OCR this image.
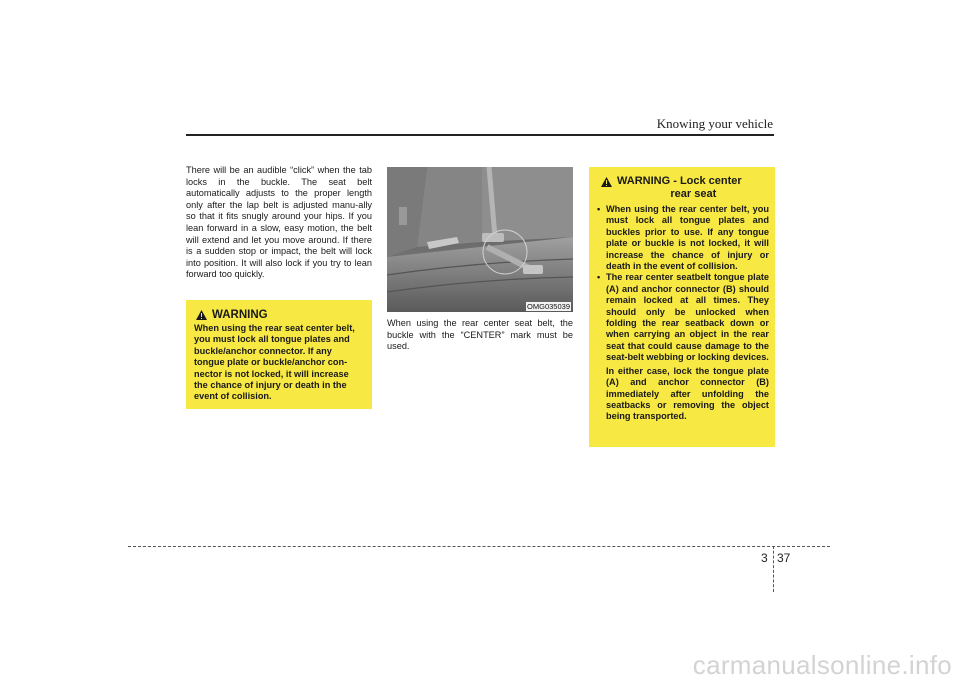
Knowing your vehicle

There will be an audible “click” when the tab locks in the buckle. The seat belt automatically adjusts to the proper length only after the lap belt is adjusted manu-ally so that it fits snugly around your hips. If you lean forward in a slow, easy motion, the belt will extend and let you move around. If there is a sudden stop or impact, the belt will lock into position. It will also lock if you try to lean forward too quickly.

WARNING

When using the rear seat center belt, you must lock all tongue plates and buckle/anchor connector. If any tongue plate or buckle/anchor con-nector is not locked, it will increase the chance of injury or death in the event of collision.

OMG035039

When using the rear center seat belt, the buckle with the “CENTER” mark must be used.

WARNING - Lock center
rear seat
• When using the rear center belt, you must lock all tongue plates and buckles prior to use. If any tongue plate or buckle is not locked, it will increase the chance of injury or death in the event of collision.
• The rear center seatbelt tongue plate (A) and anchor connector (B) should remain locked at all times. They should only be unlocked when folding the rear seatback down or when carrying an object in the rear seat that could cause damage to the seat-belt webbing or locking devices.

In either case, lock the tongue plate (A) and anchor connector (B) immediately after unfolding the seatbacks or removing the object being transported.

3 37
carmanualsonline.info
